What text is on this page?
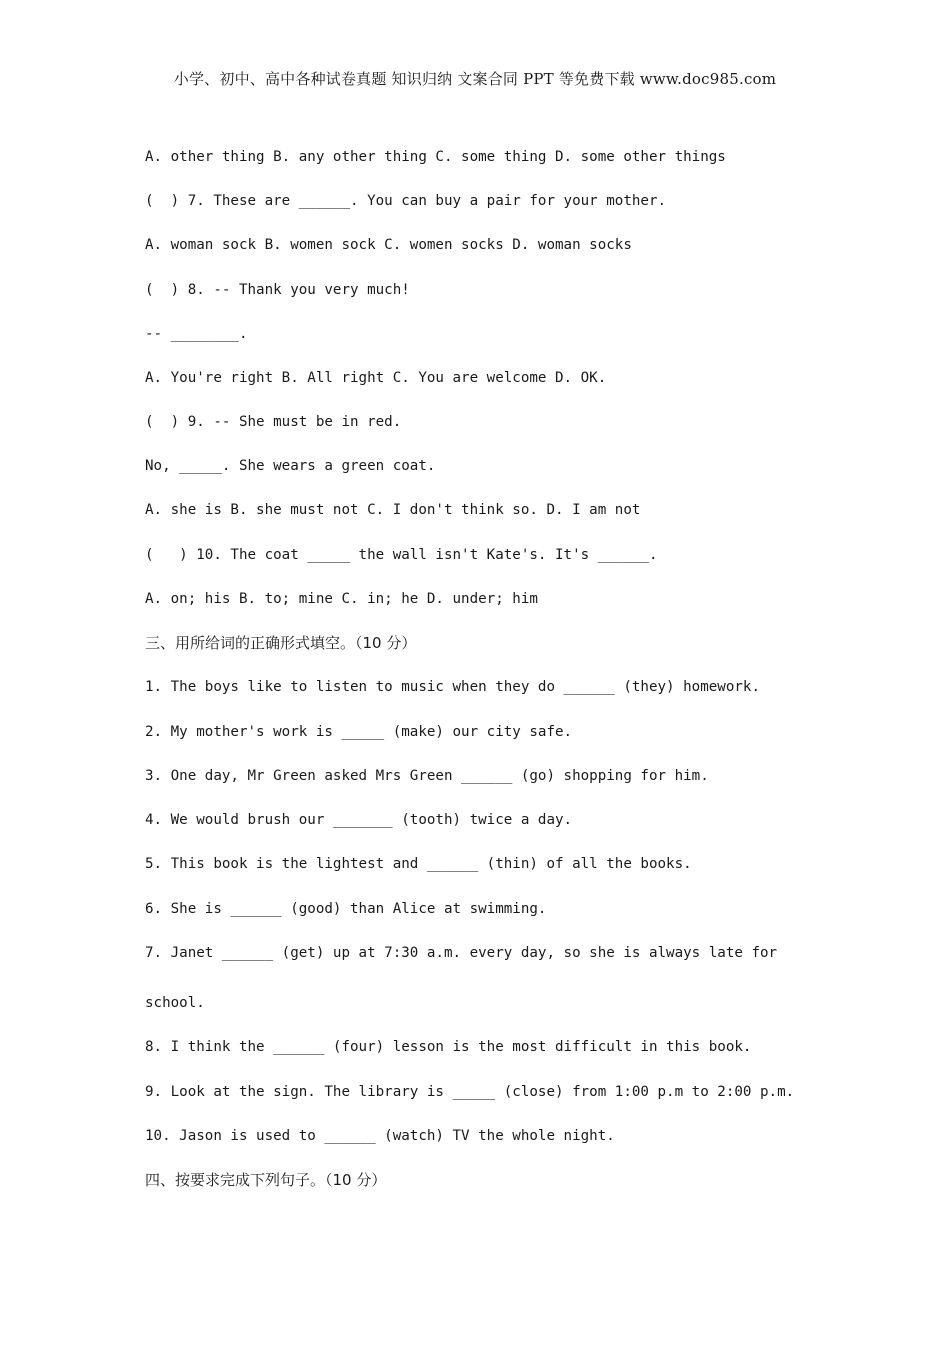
小学、初中、高中各种试卷真题 知识归纳 文案合同 PPT 等免费下载 www.doc985.com
A. other thing B. any other thing C. some thing D. some other things
(  ) 7. These are ______. You can buy a pair for your mother.
A. woman sock B. women sock C. women socks D. woman socks
(  ) 8. -- Thank you very much!
-- ________.
A. You're right B. All right C. You are welcome D. OK.
(  ) 9. -- She must be in red.
No, _____. She wears a green coat.
A. she is B. she must not C. I don't think so. D. I am not
(   ) 10. The coat _____ the wall isn't Kate's. It's ______.
A. on; his B. to; mine C. in; he D. under; him
三、用所给词的正确形式填空。（10 分）
1. The boys like to listen to music when they do ______ (they) homework.
2. My mother's work is _____ (make) our city safe.
3. One day, Mr Green asked Mrs Green ______ (go) shopping for him.
4. We would brush our _______ (tooth) twice a day.
5. This book is the lightest and ______ (thin) of all the books.
6. She is ______ (good) than Alice at swimming.
7. Janet ______ (get) up at 7:30 a.m. every day, so she is always late for
school.
8. I think the ______ (four) lesson is the most difficult in this book.
9. Look at the sign. The library is _____ (close) from 1:00 p.m to 2:00 p.m.
10. Jason is used to ______ (watch) TV the whole night.
四、按要求完成下列句子。（10 分）
